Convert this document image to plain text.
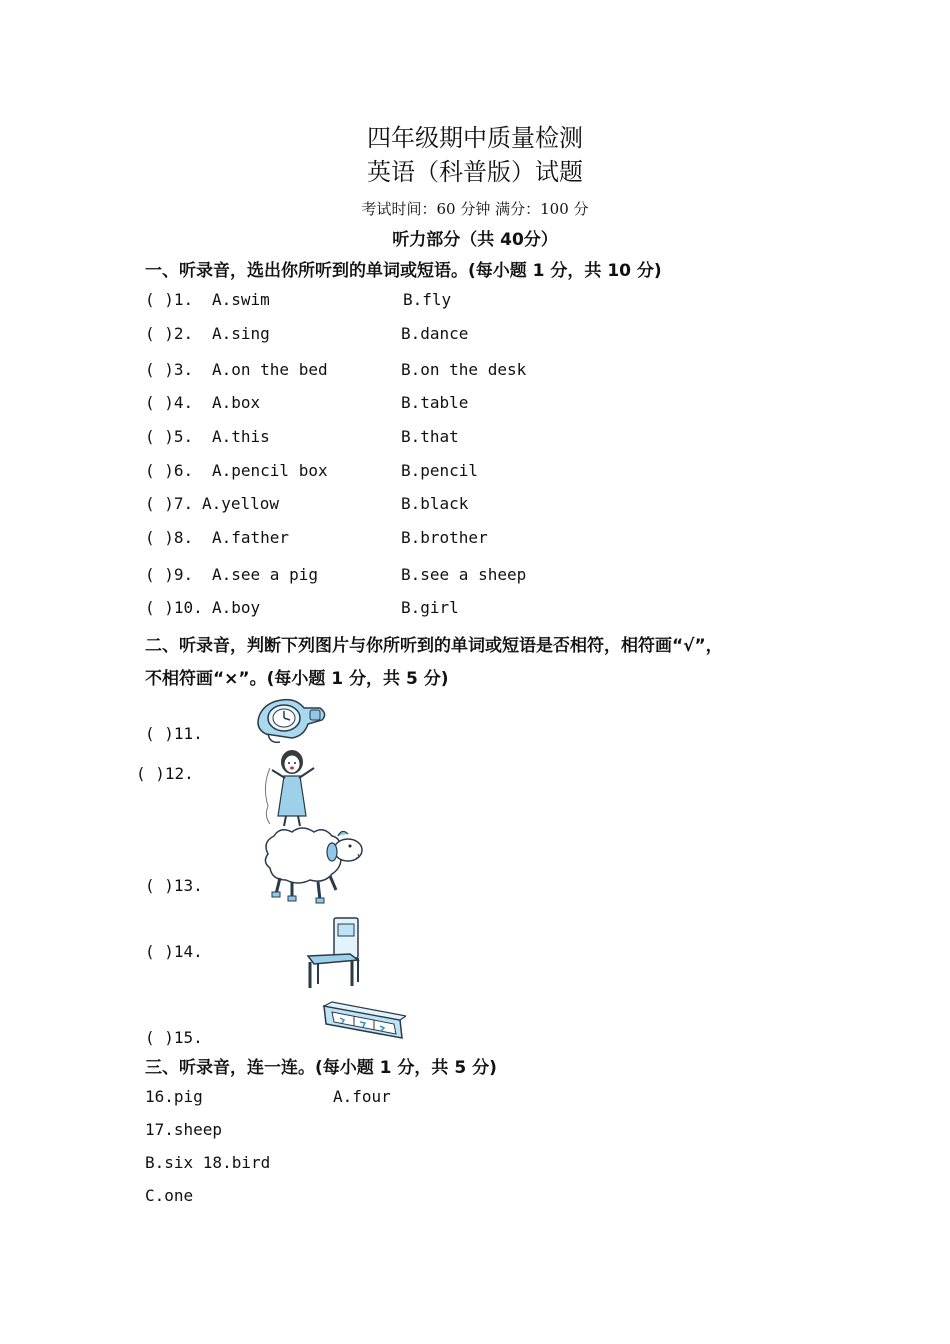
四年级期中质量检测
英语（科普版）试题
考试时间：60 分钟 满分：100 分
听力部分（共 40分）
一、听录音，选出你所听到的单词或短语。(每小题 1 分，共 10 分)
( )1. A.swim	B.fly
( )2. A.sing	B.dance
( )3. A.on the bed	B.on the desk
( )4. A.box	B.table
( )5. A.this	B.that
( )6. A.pencil box	B.pencil
( )7. A.yellow	B.black
( )8. A.father	B.brother
( )9. A.see a pig	B.see a sheep
( )10. A.boy	B.girl
二、听录音，判断下列图片与你所听到的单词或短语是否相符，相符画“√”，
不相符画“×”。(每小题 1 分，共 5 分)
( )11.
( )12.
( )13.
( )14.
( )15.
三、听录音，连一连。(每小题 1 分，共 5 分)
16.pig	A.four
17.sheep
B.six 18.bird
C.one
